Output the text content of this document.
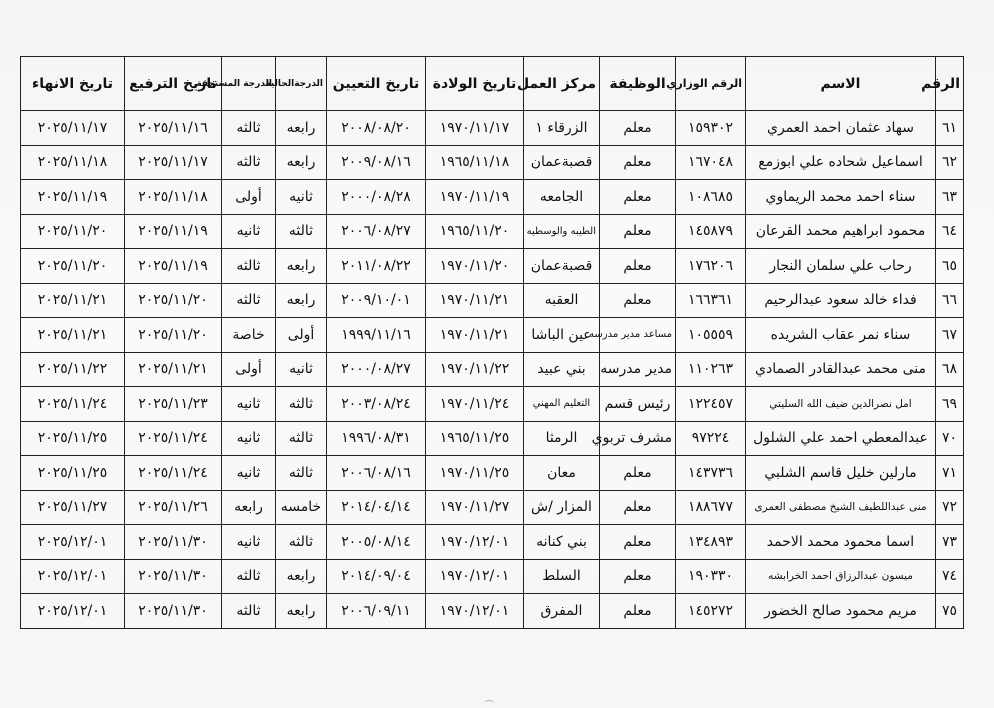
الرقم	الاسم	الرقم الوزاري	الوظيفة	مركز العمل	تاريخ الولادة	تاريخ التعيين	الدرجةالحالية	الدرجة المستحقة	تاريخ الترفيع	تاريخ الانهاء
٦١	سهاد عثمان احمد العمري	١٥٩٣٠٢	معلم	الزرقاء ١	١٩٧٠/١١/١٧	٢٠٠٨/٠٨/٢٠	رابعه	ثالثه	٢٠٢٥/١١/١٦	٢٠٢٥/١١/١٧
٦٢	اسماعيل شحاده علي ابوزمع	١٦٧٠٤٨	معلم	قصبةعمان	١٩٦٥/١١/١٨	٢٠٠٩/٠٨/١٦	رابعه	ثالثه	٢٠٢٥/١١/١٧	٢٠٢٥/١١/١٨
٦٣	سناء احمد محمد الريماوي	١٠٨٦٨٥	معلم	الجامعه	١٩٧٠/١١/١٩	٢٠٠٠/٠٨/٢٨	ثانيه	أولى	٢٠٢٥/١١/١٨	٢٠٢٥/١١/١٩
٦٤	محمود ابراهيم محمد القرعان	١٤٥٨٧٩	معلم	الطيبه والوسطيه	١٩٦٥/١١/٢٠	٢٠٠٦/٠٨/٢٧	ثالثه	ثانيه	٢٠٢٥/١١/١٩	٢٠٢٥/١١/٢٠
٦٥	رحاب علي سلمان النجار	١٧٦٢٠٦	معلم	قصبةعمان	١٩٧٠/١١/٢٠	٢٠١١/٠٨/٢٢	رابعه	ثالثه	٢٠٢٥/١١/١٩	٢٠٢٥/١١/٢٠
٦٦	فداء خالد سعود عبدالرحيم	١٦٦٣٦١	معلم	العقبه	١٩٧٠/١١/٢١	٢٠٠٩/١٠/٠١	رابعه	ثالثه	٢٠٢٥/١١/٢٠	٢٠٢٥/١١/٢١
٦٧	سناء نمر عقاب الشريده	١٠٥٥٥٩	مساعد مدير مدرسه	عين الباشا	١٩٧٠/١١/٢١	١٩٩٩/١١/١٦	أولى	خاصة	٢٠٢٥/١١/٢٠	٢٠٢٥/١١/٢١
٦٨	منى محمد عبدالقادر الصمادي	١١٠٢٦٣	مدير مدرسه	بني عبيد	١٩٧٠/١١/٢٢	٢٠٠٠/٠٨/٢٧	ثانيه	أولى	٢٠٢٥/١١/٢١	٢٠٢٥/١١/٢٢
٦٩	امل نصرالدين ضيف الله السليتي	١٢٢٤٥٧	رئيس قسم	التعليم المهني	١٩٧٠/١١/٢٤	٢٠٠٣/٠٨/٢٤	ثالثه	ثانيه	٢٠٢٥/١١/٢٣	٢٠٢٥/١١/٢٤
٧٠	عبدالمعطي احمد علي الشلول	٩٧٢٢٤	مشرف تربوي	الرمثا	١٩٦٥/١١/٢٥	١٩٩٦/٠٨/٣١	ثالثه	ثانيه	٢٠٢٥/١١/٢٤	٢٠٢٥/١١/٢٥
٧١	مارلين خليل قاسم الشلبي	١٤٣٧٣٦	معلم	معان	١٩٧٠/١١/٢٥	٢٠٠٦/٠٨/١٦	ثالثه	ثانيه	٢٠٢٥/١١/٢٤	٢٠٢٥/١١/٢٥
٧٢	منى عبداللطيف الشيخ مصطفى العمرى	١٨٨٦٧٧	معلم	المزار /ش	١٩٧٠/١١/٢٧	٢٠١٤/٠٤/١٤	خامسه	رابعه	٢٠٢٥/١١/٢٦	٢٠٢٥/١١/٢٧
٧٣	اسما محمود محمد الاحمد	١٣٤٨٩٣	معلم	بني كنانه	١٩٧٠/١٢/٠١	٢٠٠٥/٠٨/١٤	ثالثه	ثانيه	٢٠٢٥/١١/٣٠	٢٠٢٥/١٢/٠١
٧٤	ميسون عبدالرزاق احمد الخرابشه	١٩٠٣٣٠	معلم	السلط	١٩٧٠/١٢/٠١	٢٠١٤/٠٩/٠٤	رابعه	ثالثه	٢٠٢٥/١١/٣٠	٢٠٢٥/١٢/٠١
٧٥	مريم محمود صالح الخضور	١٤٥٢٧٢	معلم	المفرق	١٩٧٠/١٢/٠١	٢٠٠٦/٠٩/١١	رابعه	ثالثه	٢٠٢٥/١١/٣٠	٢٠٢٥/١٢/٠١
